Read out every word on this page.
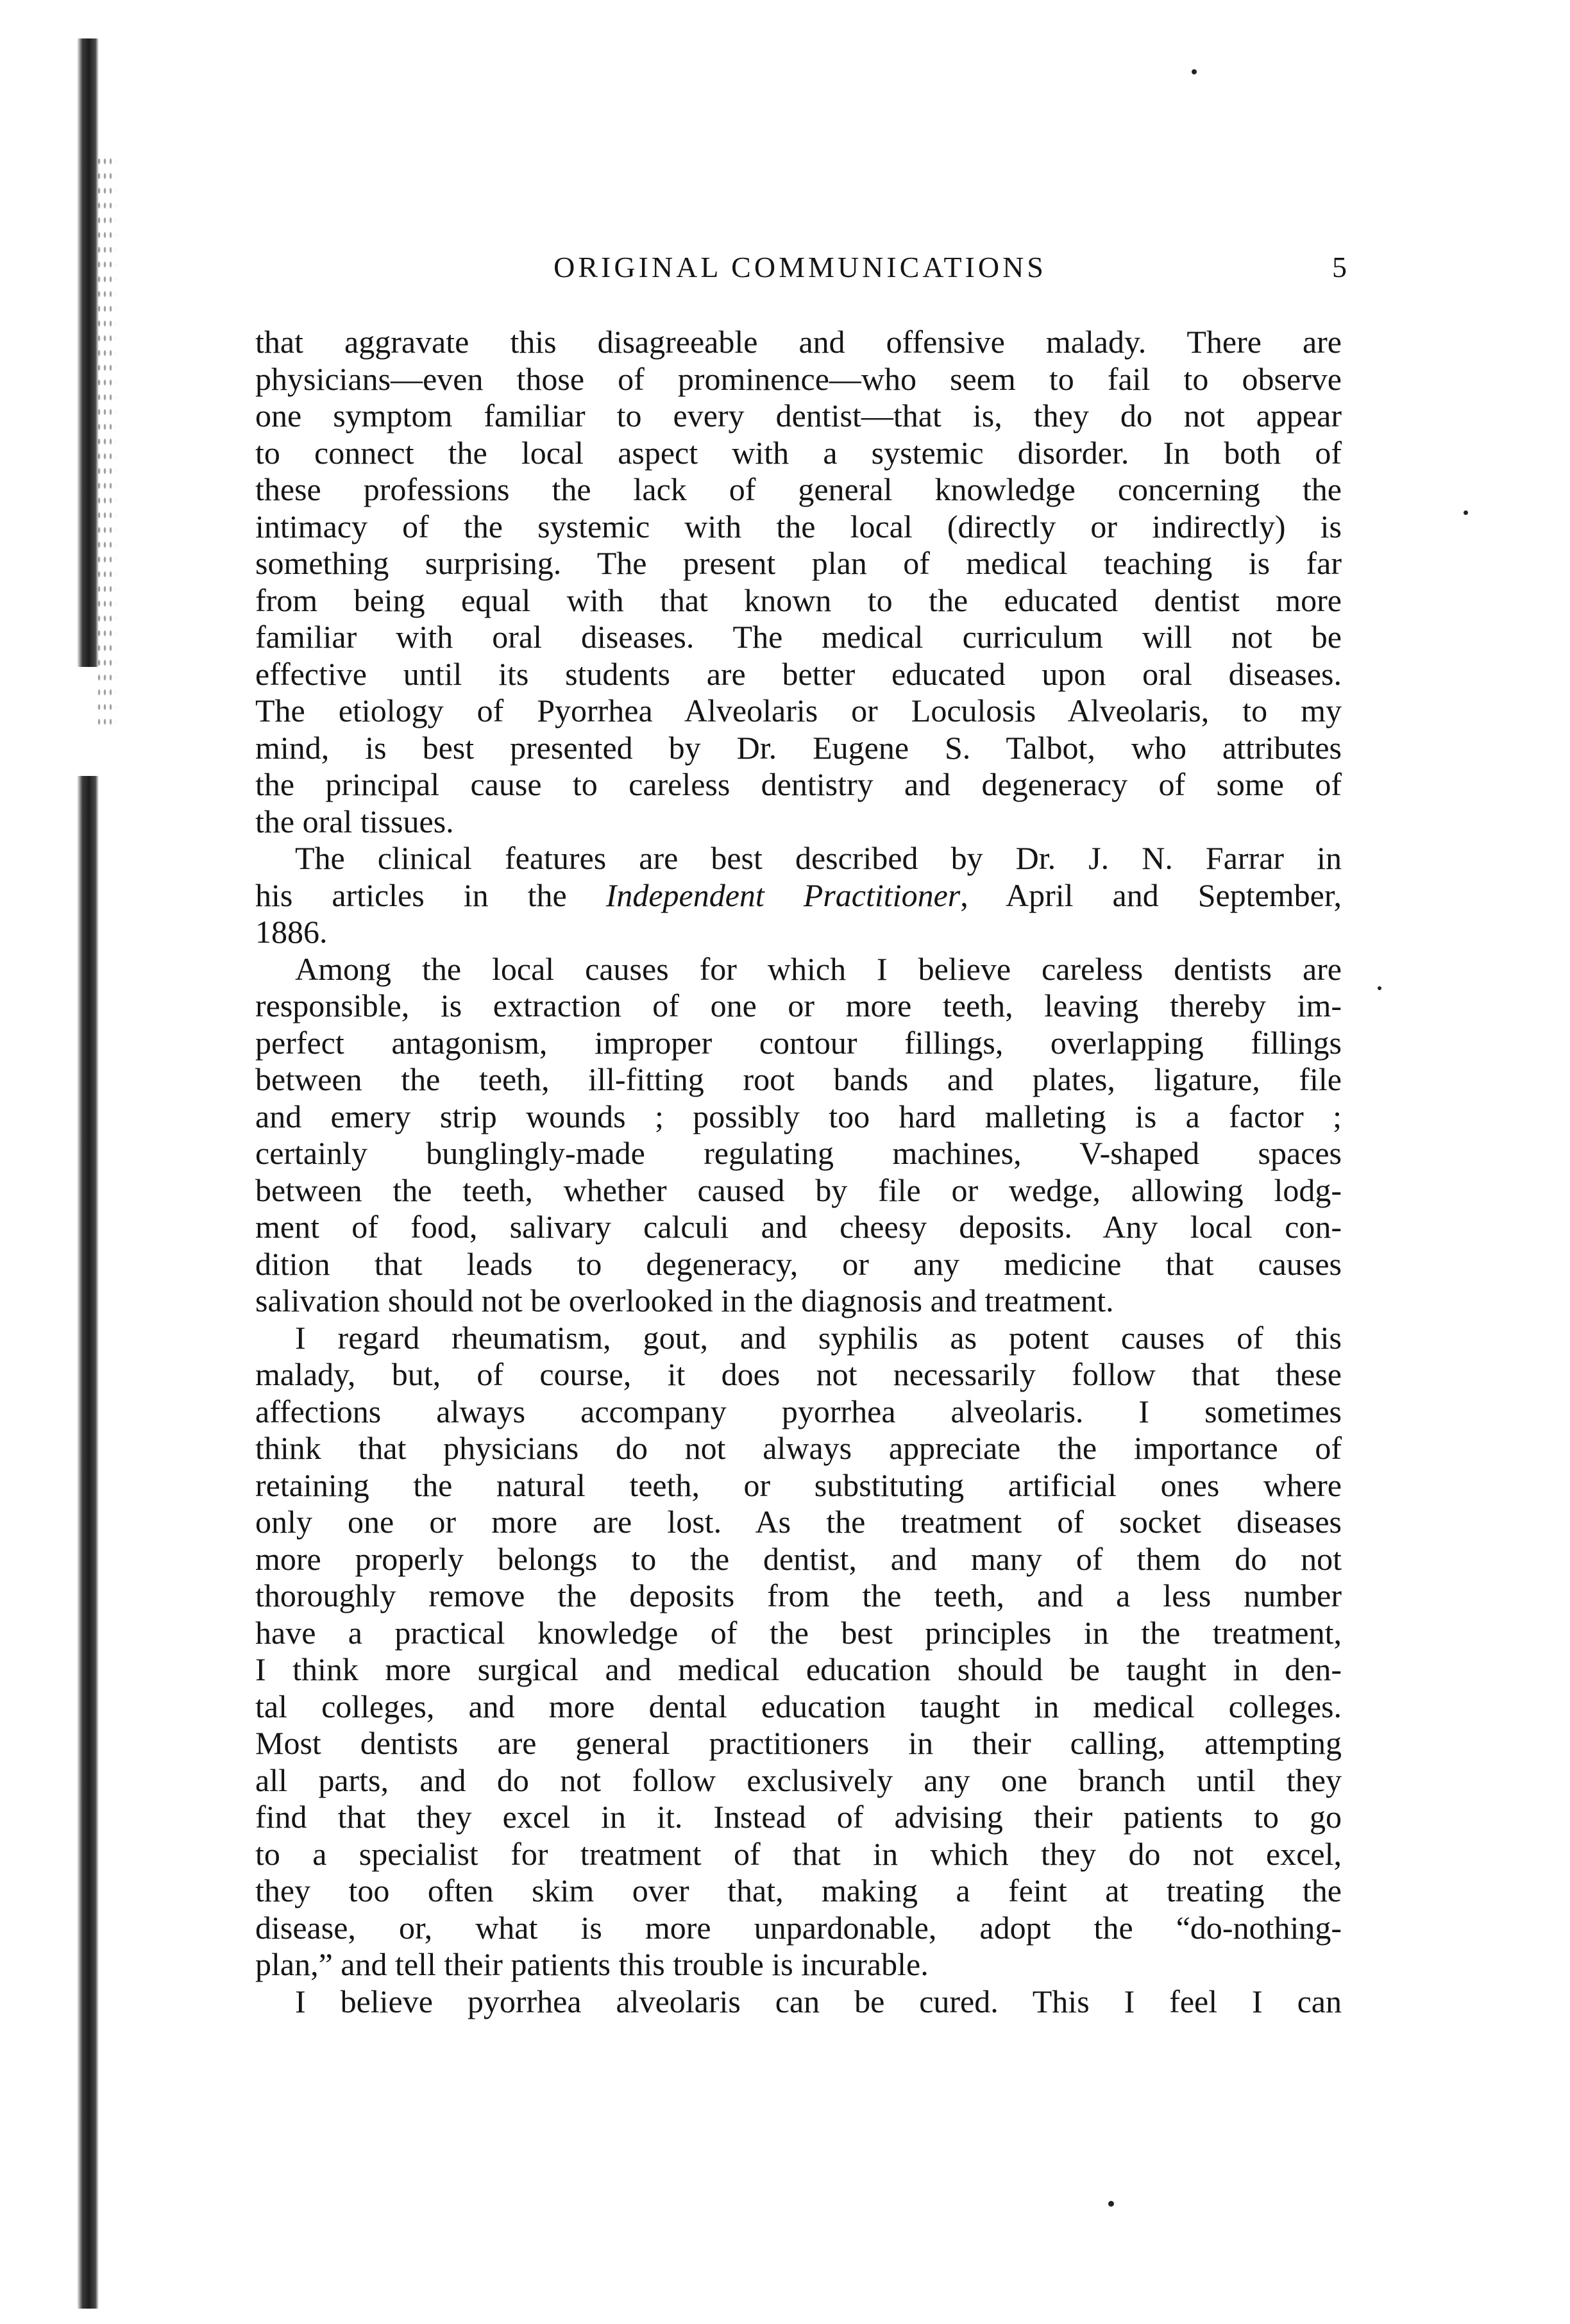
ORIGINAL COMMUNICATIONS	5
that aggravate this disagreeable and offensive malady. There are
physicians—even those of prominence—who seem to fail to observe
one symptom familiar to every dentist—that is, they do not appear
to connect the local aspect with a systemic disorder. In both of
these professions the lack of general knowledge concerning the
intimacy of the systemic with the local (directly or indirectly) is
something surprising. The present plan of medical teaching is far
from being equal with that known to the educated dentist more
familiar with oral diseases. The medical curriculum will not be
effective until its students are better educated upon oral diseases.
The etiology of Pyorrhea Alveolaris or Loculosis Alveolaris, to my
mind, is best presented by Dr. Eugene S. Talbot, who attributes
the principal cause to careless dentistry and degeneracy of some of
the oral tissues.
The clinical features are best described by Dr. J. N. Farrar in
his articles in the Independent Practitioner, April and September,
1886.
Among the local causes for which I believe careless dentists are
responsible, is extraction of one or more teeth, leaving thereby im-
perfect antagonism, improper contour fillings, overlapping fillings
between the teeth, ill-fitting root bands and plates, ligature, file
and emery strip wounds ; possibly too hard malleting is a factor ;
certainly bunglingly-made regulating machines, V-shaped spaces
between the teeth, whether caused by file or wedge, allowing lodg-
ment of food, salivary calculi and cheesy deposits. Any local con-
dition that leads to degeneracy, or any medicine that causes
salivation should not be overlooked in the diagnosis and treatment.
I regard rheumatism, gout, and syphilis as potent causes of this
malady, but, of course, it does not necessarily follow that these
affections always accompany pyorrhea alveolaris. I sometimes
think that physicians do not always appreciate the importance of
retaining the natural teeth, or substituting artificial ones where
only one or more are lost. As the treatment of socket diseases
more properly belongs to the dentist, and many of them do not
thoroughly remove the deposits from the teeth, and a less number
have a practical knowledge of the best principles in the treatment,
I think more surgical and medical education should be taught in den-
tal colleges, and more dental education taught in medical colleges.
Most dentists are general practitioners in their calling, attempting
all parts, and do not follow exclusively any one branch until they
find that they excel in it. Instead of advising their patients to go
to a specialist for treatment of that in which they do not excel,
they too often skim over that, making a feint at treating the
disease, or, what is more unpardonable, adopt the “do-nothing-
plan,” and tell their patients this trouble is incurable.
I believe pyorrhea alveolaris can be cured. This I feel I can
